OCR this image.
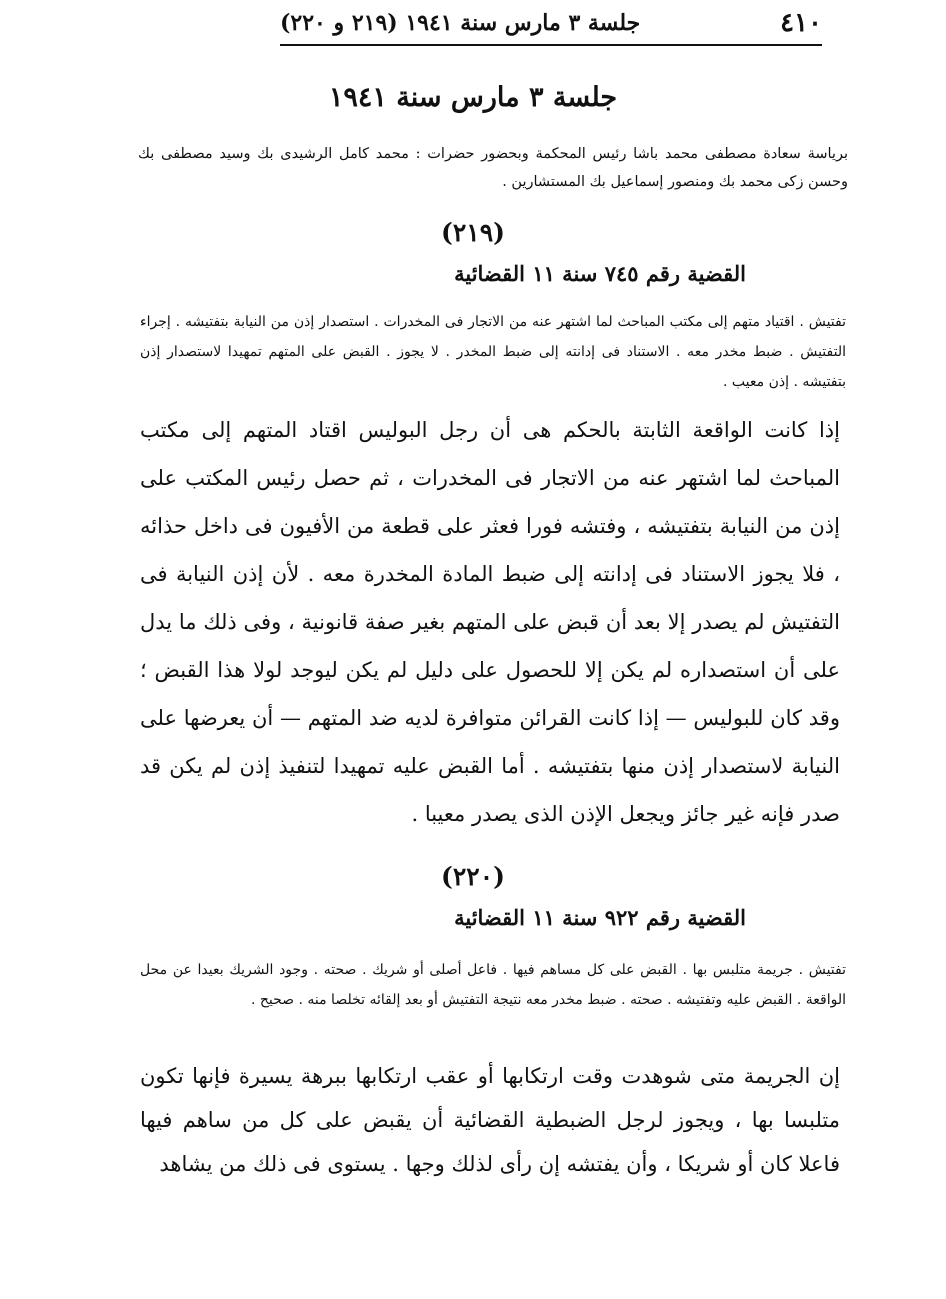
٤١٠
جلسة ٣ مارس سنة ١٩٤١ (٢١٩ و ٢٢٠)
جلسة ٣ مارس سنة ١٩٤١
برياسة سعادة مصطفى محمد باشا رئيس المحكمة وبحضور حضرات : محمد كامل الرشيدى بك وسيد مصطفى بك وحسن زكى محمد بك ومنصور إسماعيل بك المستشارين .
(٢١٩)
القضية رقم ٧٤٥ سنة ١١ القضائية
تفتيش . اقتياد متهم إلى مكتب المباحث لما اشتهر عنه من الاتجار فى المخدرات . استصدار إذن من النيابة بتفتيشه . إجراء التفتيش . ضبط مخدر معه . الاستناد فى إدانته إلى ضبط المخدر . لا يجوز . القبض على المتهم تمهيدا لاستصدار إذن بتفتيشه . إذن معيب .
إذا كانت الواقعة الثابتة بالحكم هى أن رجل البوليس اقتاد المتهم إلى مكتب المباحث لما اشتهر عنه من الاتجار فى المخدرات ، ثم حصل رئيس المكتب على إذن من النيابة بتفتيشه ، وفتشه فورا فعثر على قطعة من الأفيون فى داخل حذائه ، فلا يجوز الاستناد فى إدانته إلى ضبط المادة المخدرة معه . لأن إذن النيابة فى التفتيش لم يصدر إلا بعد أن قبض على المتهم بغير صفة قانونية ، وفى ذلك ما يدل على أن استصداره لم يكن إلا للحصول على دليل لم يكن ليوجد لولا هذا القبض ؛ وقد كان للبوليس — إذا كانت القرائن متوافرة لديه ضد المتهم — أن يعرضها على النيابة لاستصدار إذن منها بتفتيشه . أما القبض عليه تمهيدا لتنفيذ إذن لم يكن قد صدر فإنه غير جائز ويجعل الإذن الذى يصدر معيبا .
(٢٢٠)
القضية رقم ٩٢٢ سنة ١١ القضائية
تفتيش . جريمة متلبس بها . القبض على كل مساهم فيها . فاعل أصلى أو شريك . صحته . وجود الشريك بعيدا عن محل الواقعة . القبض عليه وتفتيشه . صحته . ضبط مخدر معه نتيجة التفتيش أو بعد إلقائه تخلصا منه . صحيح .
إن الجريمة متى شوهدت وقت ارتكابها أو عقب ارتكابها ببرهة يسيرة فإنها تكون متلبسا بها ، ويجوز لرجل الضبطية القضائية أن يقبض على كل من ساهم فيها فاعلا كان أو شريكا ، وأن يفتشه إن رأى لذلك وجها . يستوى فى ذلك من يشاهد
